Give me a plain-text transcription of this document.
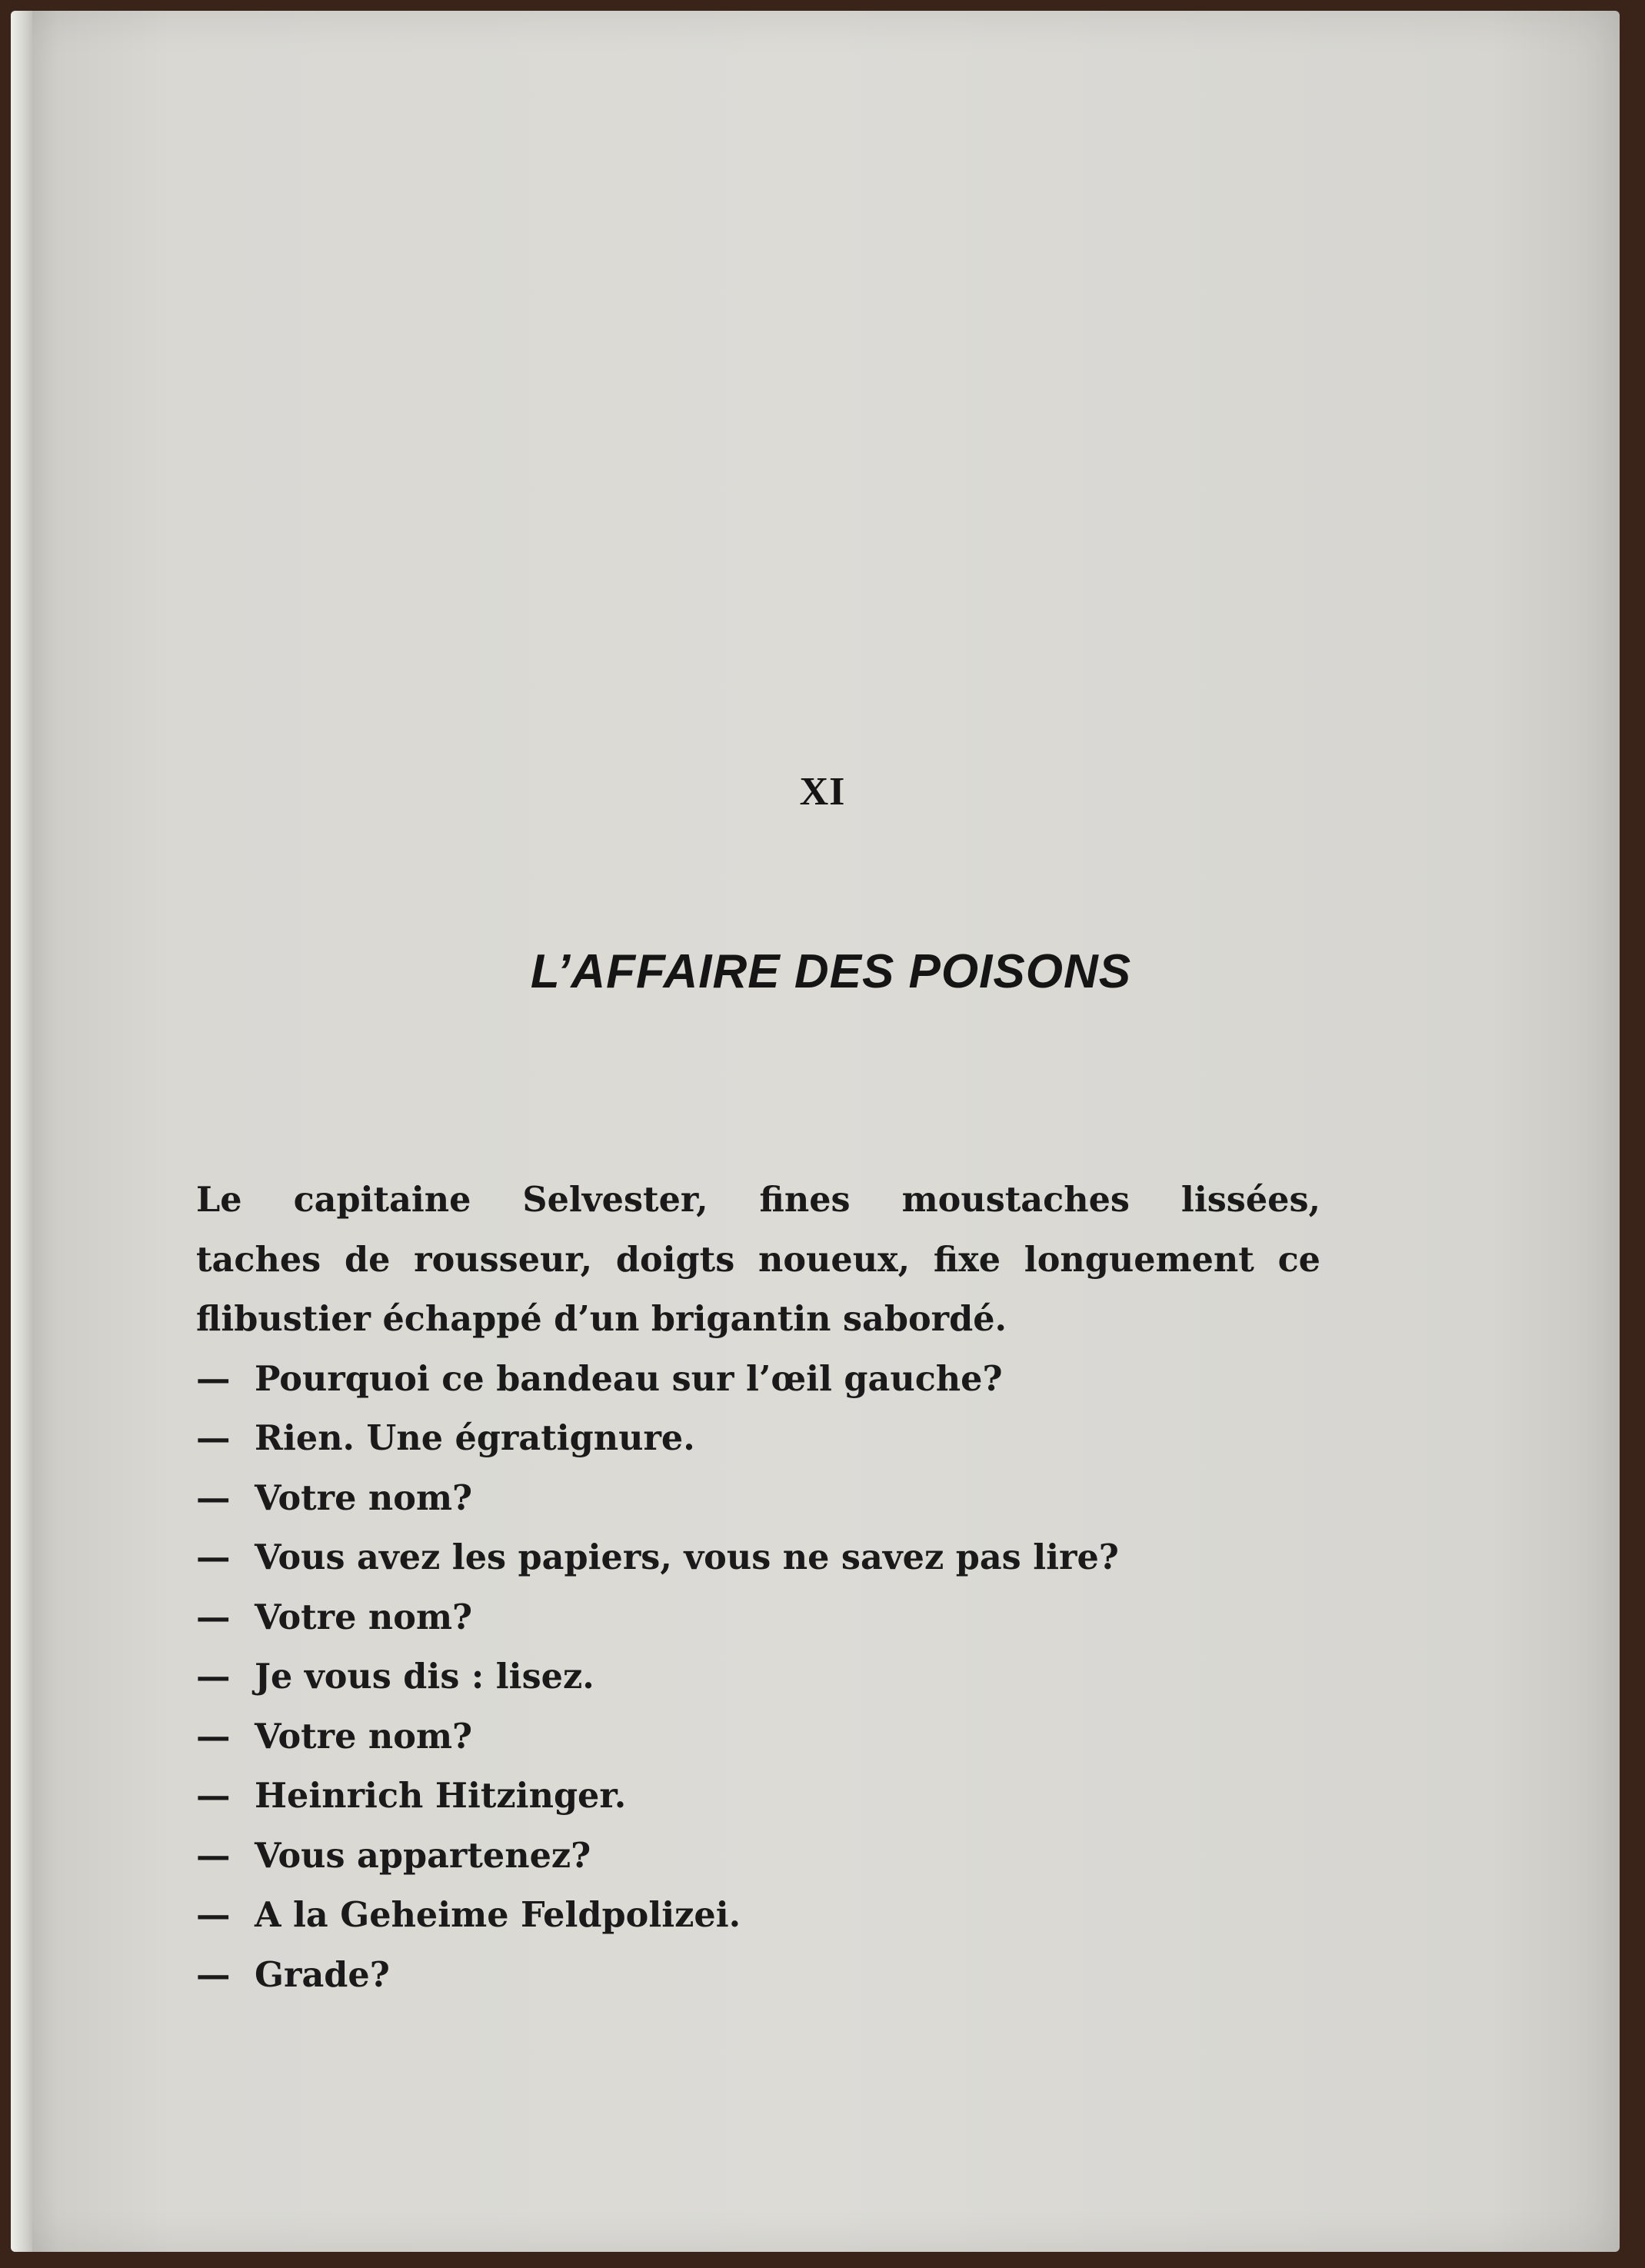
XI
L’AFFAIRE DES POISONS
Le capitaine Selvester, fines moustaches lissées,
taches de rousseur, doigts noueux, fixe longuement ce
flibustier échappé d’un brigantin sabordé.
— Pourquoi ce bandeau sur l’œil gauche?
— Rien. Une égratignure.
— Votre nom?
— Vous avez les papiers, vous ne savez pas lire?
— Votre nom?
— Je vous dis : lisez.
— Votre nom?
— Heinrich Hitzinger.
— Vous appartenez?
— A la Geheime Feldpolizei.
— Grade?
